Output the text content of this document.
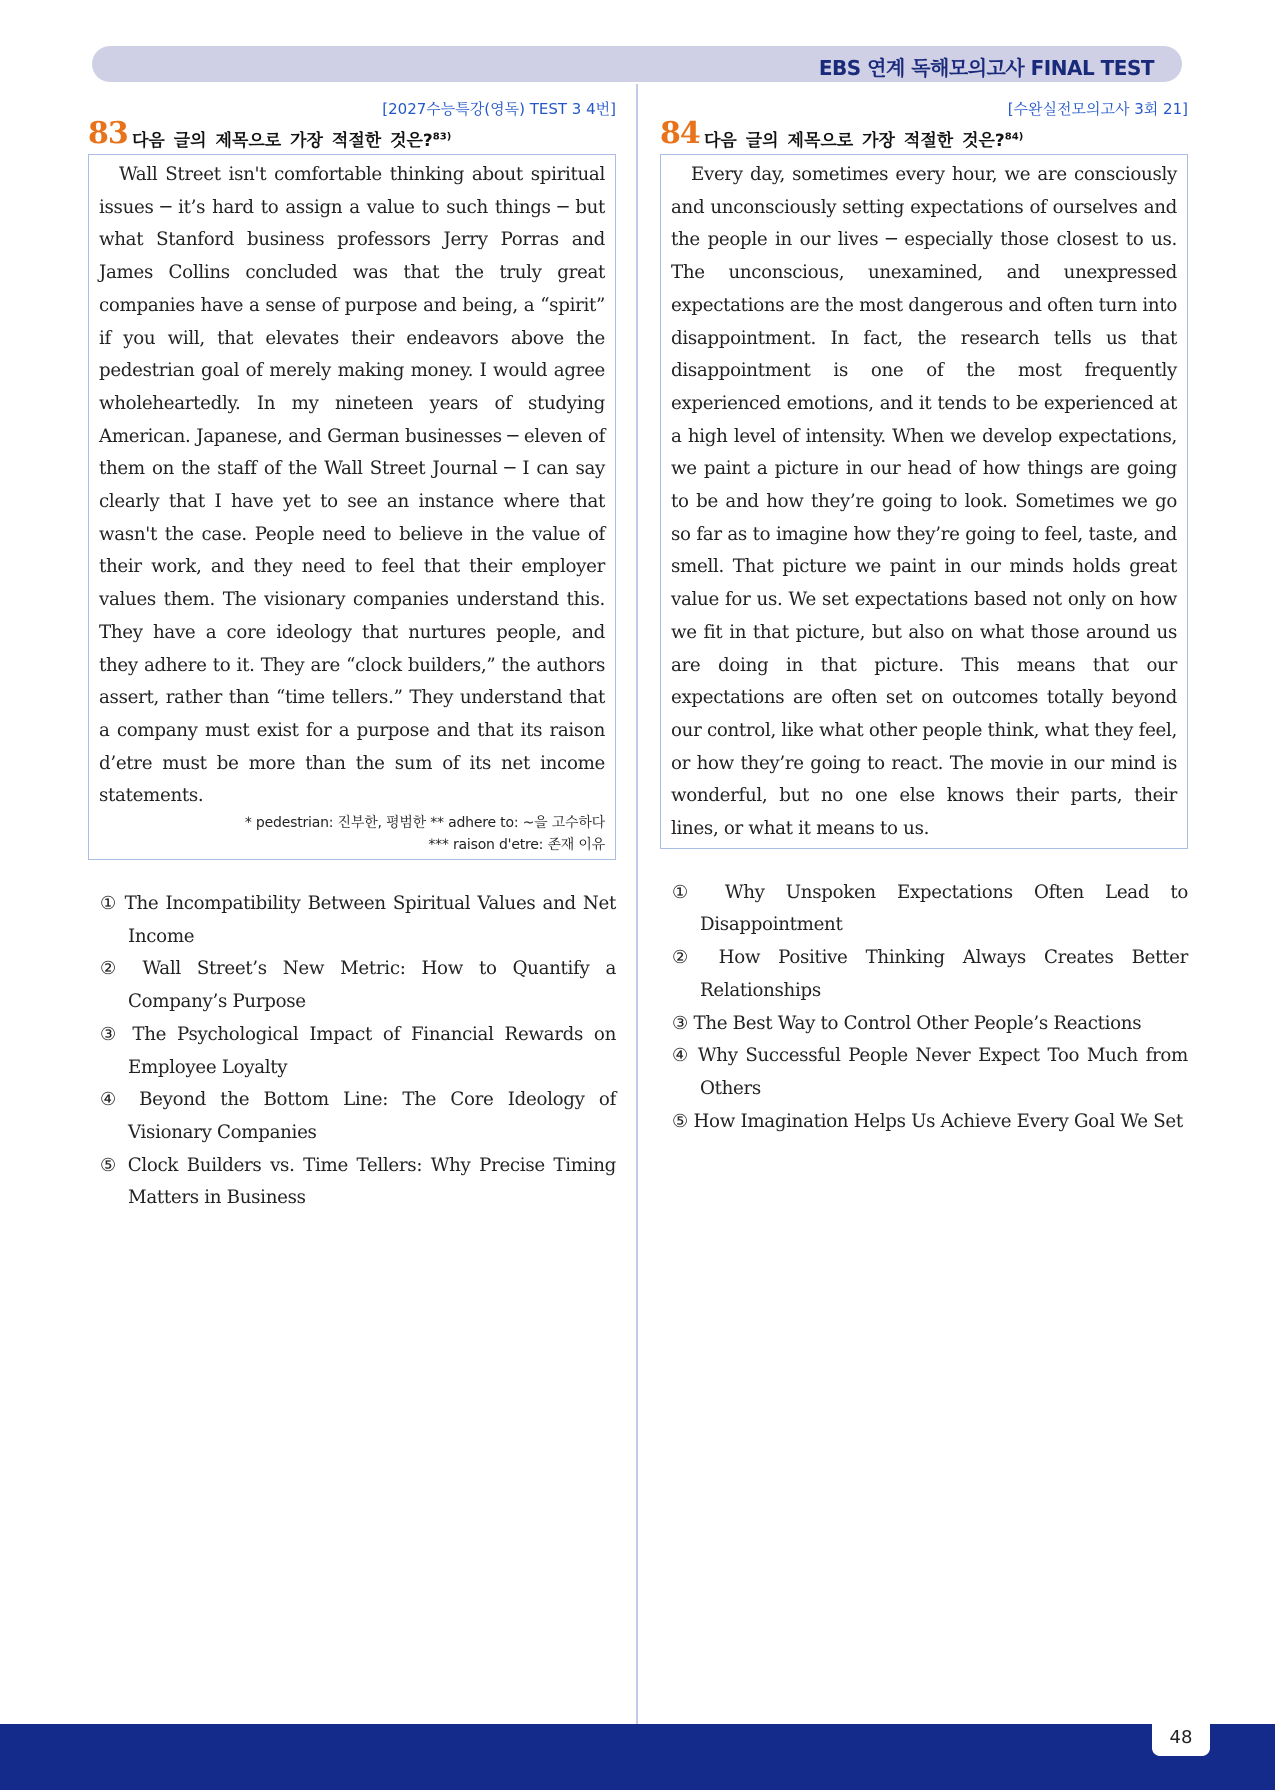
EBS 연계 독해모의고사 FINAL TEST
[2027수능특강(영독) TEST 3 4번]
83 다음 글의 제목으로 가장 적절한 것은?$^{83)}$

Wall Street isn't comfortable thinking about spiritual issues ─ it’s hard to assign a value to such things ─ but what Stanford business professors Jerry Porras and James Collins concluded was that the truly great companies have a sense of purpose and being, a “spirit” if you will, that elevates their endeavors above the pedestrian goal of merely making money. I would agree wholeheartedly. In my nineteen years of studying American. Japanese, and German businesses ─ eleven of them on the staff of the Wall Street Journal ─ I can say clearly that I have yet to see an instance where that wasn't the case. People need to believe in the value of their work, and they need to feel that their employer values them. The visionary companies understand this. They have a core ideology that nurtures people, and they adhere to it. They are “clock builders,” the authors assert, rather than “time tellers.” They understand that a company must exist for a purpose and that its raison d’etre must be more than the sum of its net income statements.

* pedestrian: 진부한, 평범한 ** adhere to: ~을 고수하다
*** raison d'etre: 존재 이유
① The Incompatibility Between Spiritual Values and Net Income
② Wall Street’s New Metric: How to Quantify a Company’s Purpose
③ The Psychological Impact of Financial Rewards on Employee Loyalty
④ Beyond the Bottom Line: The Core Ideology of Visionary Companies
⑤ Clock Builders vs. Time Tellers: Why Precise Timing Matters in Business
[수완실전모의고사 3회 21]
84 다음 글의 제목으로 가장 적절한 것은?$^{84)}$

Every day, sometimes every hour, we are consciously and unconsciously setting expectations of ourselves and the people in our lives ─ especially those closest to us. The unconscious, unexamined, and unexpressed expectations are the most dangerous and often turn into disappointment. In fact, the research tells us that disappointment is one of the most frequently experienced emotions, and it tends to be experienced at a high level of intensity. When we develop expectations, we paint a picture in our head of how things are going to be and how they’re going to look. Sometimes we go so far as to imagine how they’re going to feel, taste, and smell. That picture we paint in our minds holds great value for us. We set expectations based not only on how we fit in that picture, but also on what those around us are doing in that picture. This means that our expectations are often set on outcomes totally beyond our control, like what other people think, what they feel, or how they’re going to react. The movie in our mind is wonderful, but no one else knows their parts, their lines, or what it means to us.

① Why Unspoken Expectations Often Lead to Disappointment
② How Positive Thinking Always Creates Better Relationships
③ The Best Way to Control Other People’s Reactions
④ Why Successful People Never Expect Too Much from Others
⑤ How Imagination Helps Us Achieve Every Goal We Set
48
